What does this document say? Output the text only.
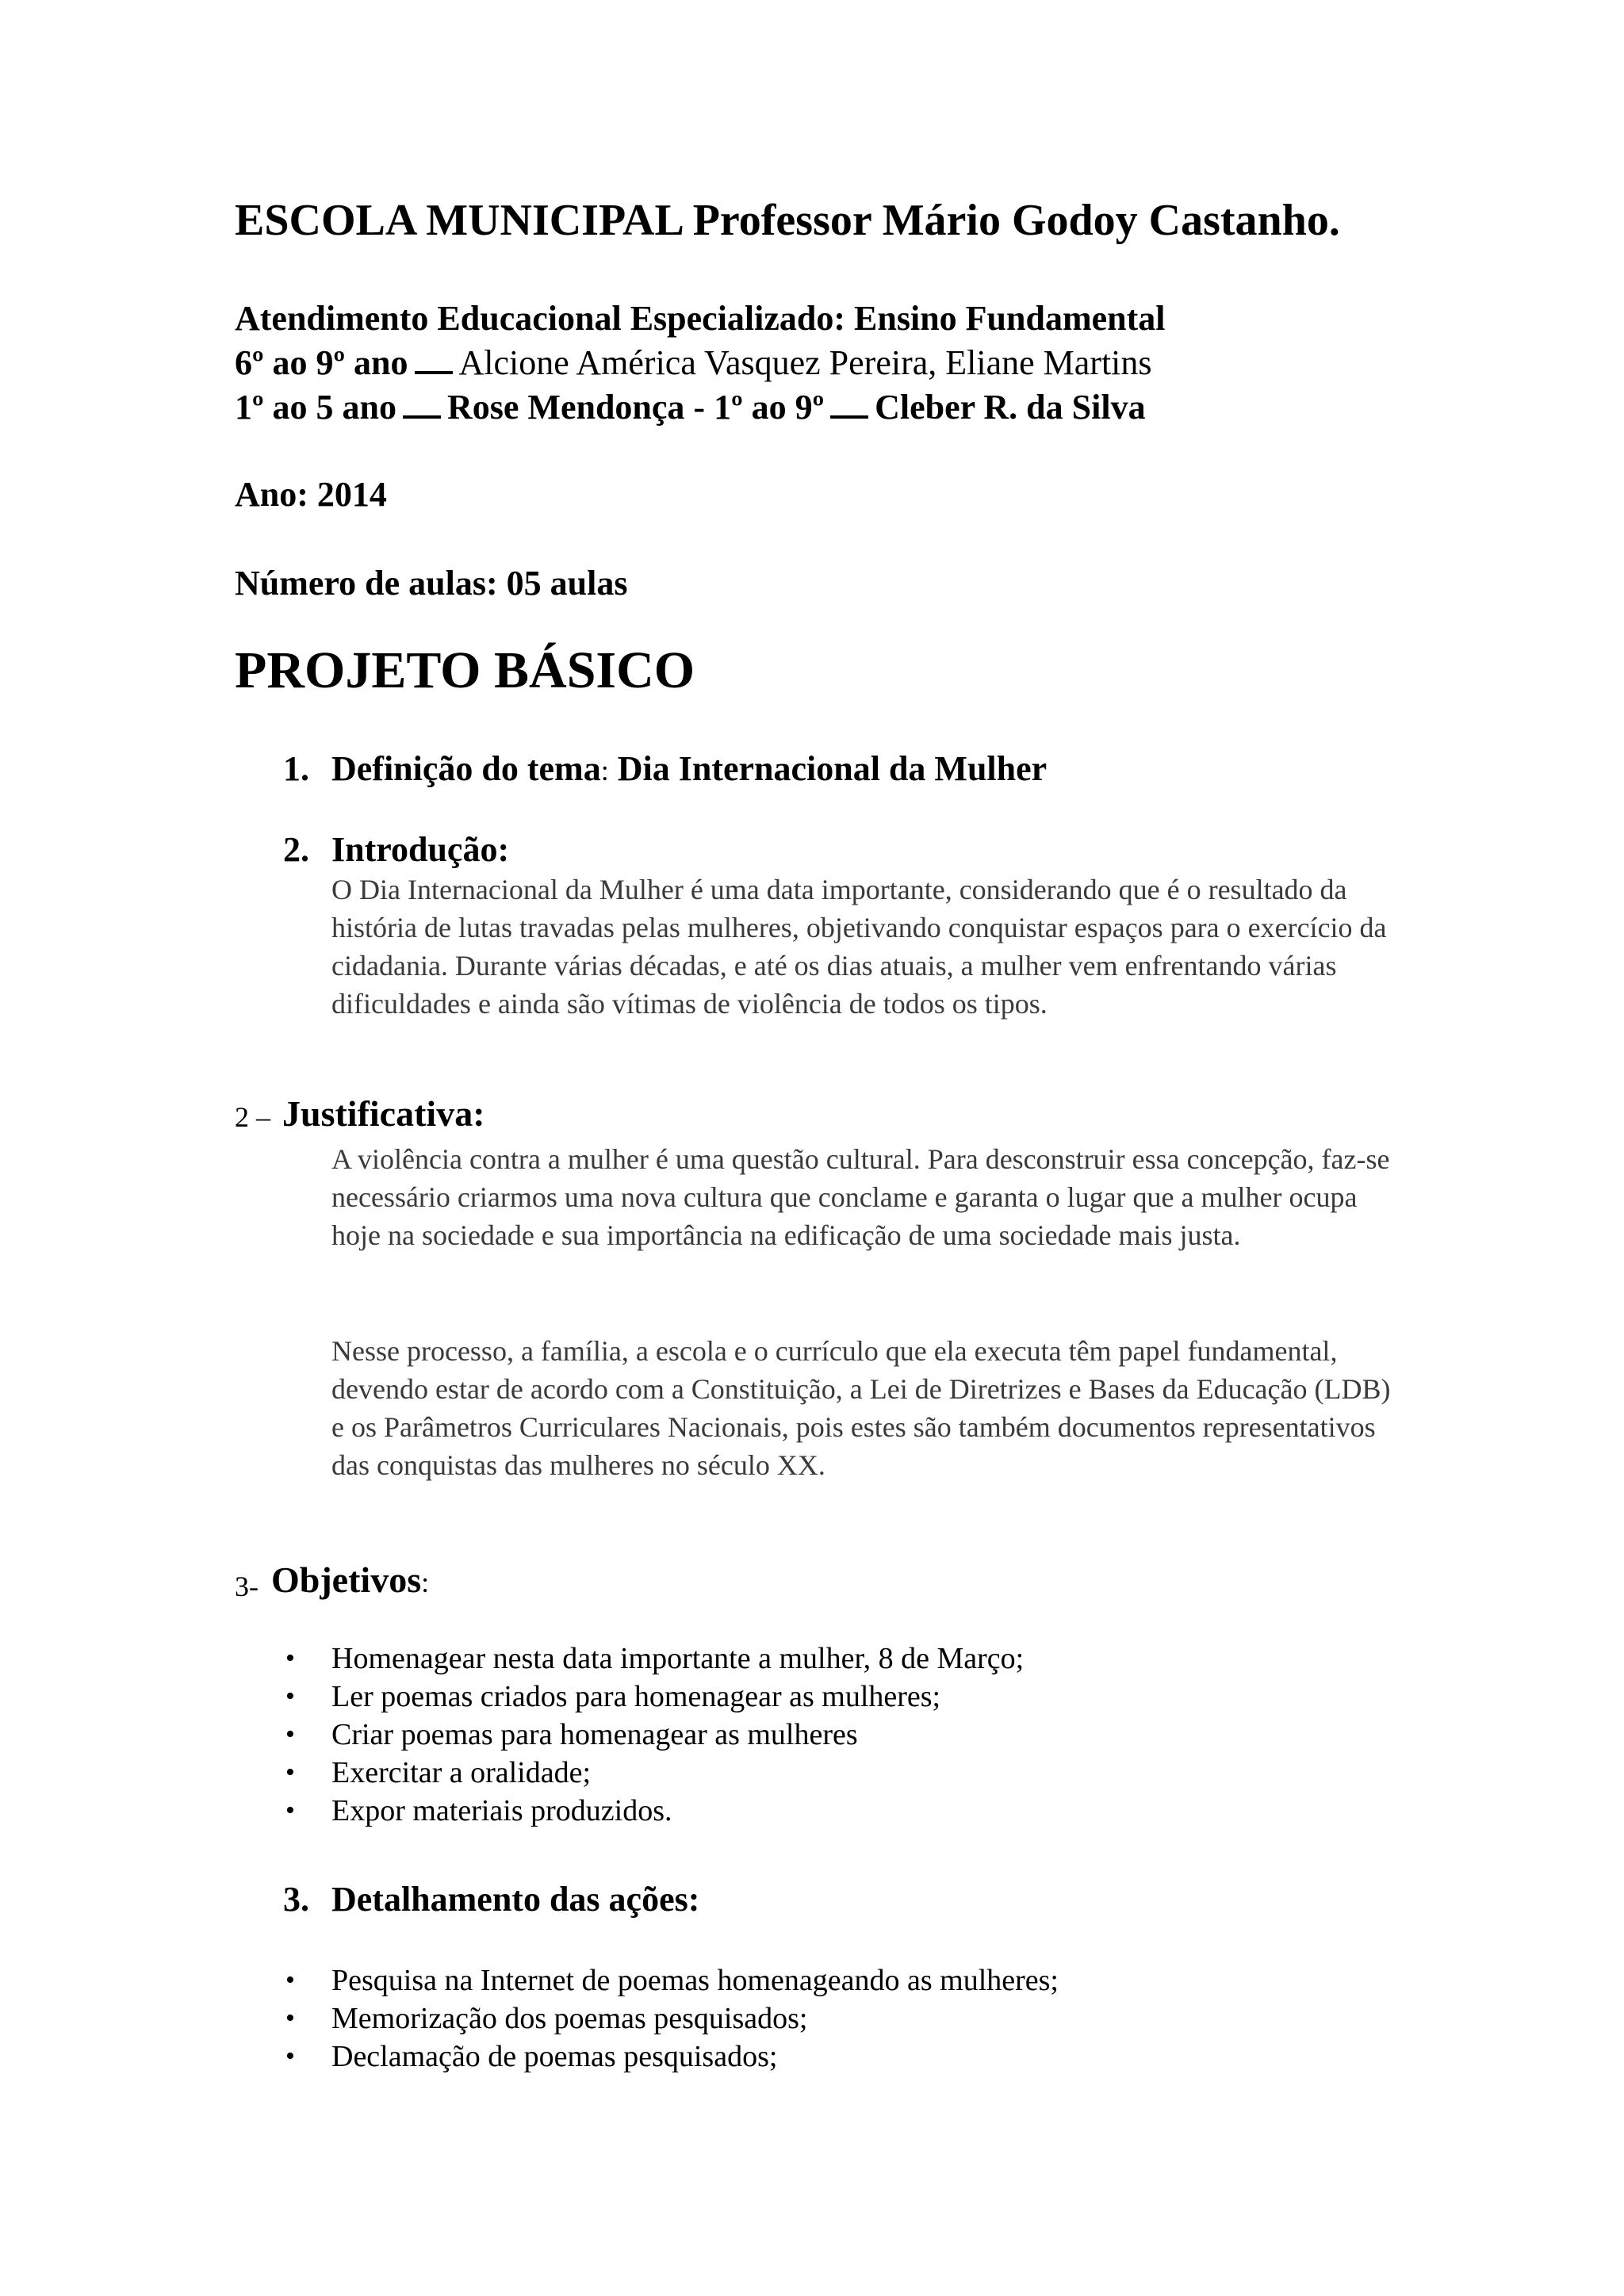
ESCOLA MUNICIPAL Professor Mário Godoy Castanho.
Atendimento Educacional Especializado: Ensino Fundamental
6º ao 9º ano Alcione América Vasquez Pereira, Eliane Martins
1º ao 5 ano Rose Mendonça - 1º ao 9º Cleber R. da Silva
Ano: 2014
Número de aulas: 05 aulas
PROJETO BÁSICO
1. Definição do tema: Dia Internacional da Mulher
2. Introdução:

O Dia Internacional da Mulher é uma data importante, considerando que é o resultado da história de lutas travadas pelas mulheres, objetivando conquistar espaços para o exercício da cidadania. Durante várias décadas, e até os dias atuais, a mulher vem enfrentando várias dificuldades e ainda são vítimas de violência de todos os tipos.

2 – Justificativa:

A violência contra a mulher é uma questão cultural. Para desconstruir essa concepção, faz-se necessário criarmos uma nova cultura que conclame e garanta o lugar que a mulher ocupa hoje na sociedade e sua importância na edificação de uma sociedade mais justa.

Nesse processo, a família, a escola e o currículo que ela executa têm papel fundamental, devendo estar de acordo com a Constituição, a Lei de Diretrizes e Bases da Educação (LDB) e os Parâmetros Curriculares Nacionais, pois estes são também documentos representativos das conquistas das mulheres no século XX.

3- Objetivos:
• Homenagear nesta data importante a mulher, 8 de Março;
• Ler poemas criados para homenagear as mulheres;
• Criar poemas para homenagear as mulheres
• Exercitar a oralidade;
• Expor materiais produzidos.
3. Detalhamento das ações:
• Pesquisa na Internet de poemas homenageando as mulheres;
• Memorização dos poemas pesquisados;
• Declamação de poemas pesquisados;
